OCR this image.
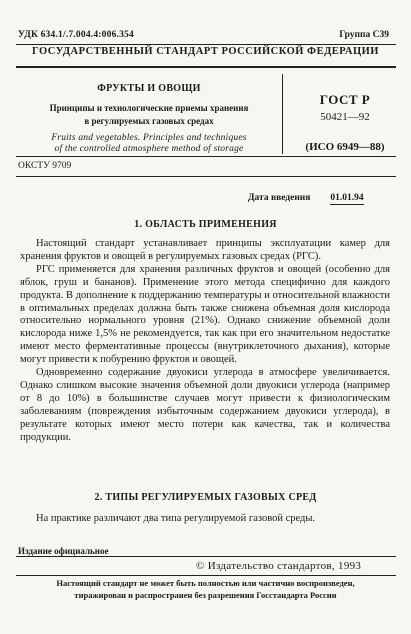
УДК 634.1/.7.004.4:006.354	Группа С39
ГОСУДАРСТВЕННЫЙ СТАНДАРТ РОССИЙСКОЙ ФЕДЕРАЦИИ
ФРУКТЫ И ОВОЩИ
Принципы и технологические приемы хранения
в регулируемых газовых средах
Fruits and vegetables. Principles and techniques
of the controlled atmosphere method of storage
ГОСТ Р
50421—92
(ИСО 6949—88)
ОКСТУ 9709
Дата введения 01.01.94
1. ОБЛАСТЬ ПРИМЕНЕНИЯ

Настоящий стандарт устанавливает принципы эксплуатации камер для хранения фруктов и овощей в регулируемых газовых средах (РГС).

РГС применяется для хранения различных фруктов и овощей (особенно для яблок, груш и бананов). Применение этого метода специфично для каждого продукта. В дополнение к поддержанию температуры и относительной влажности в оптимальных пределах должна быть также снижена объемная доля кислорода относительно нормального уровня (21%). Однако снижение объемной доли кислорода ниже 1,5% не рекомендуется, так как при его значительном недостатке имеют место ферментативные процессы (внутриклеточного дыхания), которые могут привести к побурению фруктов и овощей.

Одновременно содержание двуокиси углерода в атмосфере увеличивается. Однако слишком высокие значения объемной доли двуокиси углерода (например от 8 до 10%) в большинстве случаев могут привести к физиологическим заболеваниям (повреждения избыточным содержанием двуокиси углерода), в результате которых имеют место потери как качества, так и количества продукции.

2. ТИПЫ РЕГУЛИРУЕМЫХ ГАЗОВЫХ СРЕД

На практике различают два типа регулируемой газовой среды.

Издание официальное
© Издательство стандартов, 1993
Настоящий стандарт не может быть полностью или частично воспроизведен,
тиражирован и распространен без разрешения Госстандарта России
